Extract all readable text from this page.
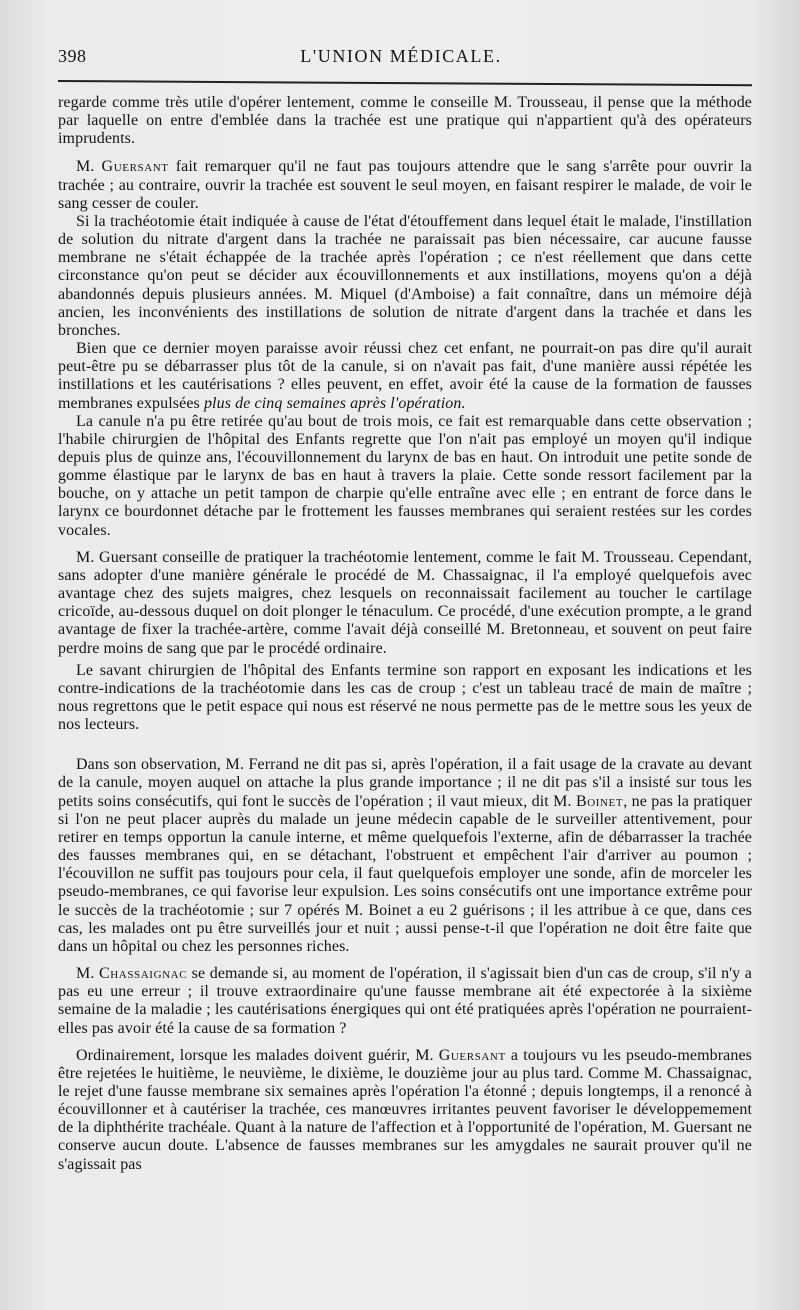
398	L'UNION MÉDICALE.

regarde comme très utile d'opérer lentement, comme le conseille M. Trousseau, il pense que la méthode par laquelle on entre d'emblée dans la trachée est une pratique qui n'appartient qu'à des opérateurs imprudents.

M. Guersant fait remarquer qu'il ne faut pas toujours attendre que le sang s'arrête pour ouvrir la trachée ; au contraire, ouvrir la trachée est souvent le seul moyen, en faisant respirer le malade, de voir le sang cesser de couler.

Si la trachéotomie était indiquée à cause de l'état d'étouffement dans lequel était le malade, l'instillation de solution du nitrate d'argent dans la trachée ne paraissait pas bien nécessaire, car aucune fausse membrane ne s'était échappée de la trachée après l'opération ; ce n'est réellement que dans cette circonstance qu'on peut se décider aux écouvillonnements et aux instillations, moyens qu'on a déjà abandonnés depuis plusieurs années. M. Miquel (d'Amboise) a fait connaître, dans un mémoire déjà ancien, les inconvénients des instillations de solution de nitrate d'argent dans la trachée et dans les bronches.

Bien que ce dernier moyen paraisse avoir réussi chez cet enfant, ne pourrait-on pas dire qu'il aurait peut-être pu se débarrasser plus tôt de la canule, si on n'avait pas fait, d'une manière aussi répétée les instillations et les cautérisations ? elles peuvent, en effet, avoir été la cause de la formation de fausses membranes expulsées plus de cinq semaines après l'opération.

La canule n'a pu être retirée qu'au bout de trois mois, ce fait est remarquable dans cette observation ; l'habile chirurgien de l'hôpital des Enfants regrette que l'on n'ait pas employé un moyen qu'il indique depuis plus de quinze ans, l'écouvillonnement du larynx de bas en haut. On introduit une petite sonde de gomme élastique par le larynx de bas en haut à travers la plaie. Cette sonde ressort facilement par la bouche, on y attache un petit tampon de charpie qu'elle entraîne avec elle ; en entrant de force dans le larynx ce bourdonnet détache par le frottement les fausses membranes qui seraient restées sur les cordes vocales.

M. Guersant conseille de pratiquer la trachéotomie lentement, comme le fait M. Trousseau. Cependant, sans adopter d'une manière générale le procédé de M. Chassaignac, il l'a employé quelquefois avec avantage chez des sujets maigres, chez lesquels on reconnaissait facilement au toucher le cartilage cricoïde, au-dessous duquel on doit plonger le ténaculum. Ce procédé, d'une exécution prompte, a le grand avantage de fixer la trachée-artère, comme l'avait déjà conseillé M. Bretonneau, et souvent on peut faire perdre moins de sang que par le procédé ordinaire.

Le savant chirurgien de l'hôpital des Enfants termine son rapport en exposant les indications et les contre-indications de la trachéotomie dans les cas de croup ; c'est un tableau tracé de main de maître ; nous regrettons que le petit espace qui nous est réservé ne nous permette pas de le mettre sous les yeux de nos lecteurs.

Dans son observation, M. Ferrand ne dit pas si, après l'opération, il a fait usage de la cravate au devant de la canule, moyen auquel on attache la plus grande importance ; il ne dit pas s'il a insisté sur tous les petits soins consécutifs, qui font le succès de l'opération ; il vaut mieux, dit M. Boinet, ne pas la pratiquer si l'on ne peut placer auprès du malade un jeune médecin capable de le surveiller attentivement, pour retirer en temps opportun la canule interne, et même quelquefois l'externe, afin de débarrasser la trachée des fausses membranes qui, en se détachant, l'obstruent et empêchent l'air d'arriver au poumon ; l'écouvillon ne suffit pas toujours pour cela, il faut quelquefois employer une sonde, afin de morceler les pseudo-membranes, ce qui favorise leur expulsion. Les soins consécutifs ont une importance extrême pour le succès de la trachéotomie ; sur 7 opérés M. Boinet a eu 2 guérisons ; il les attribue à ce que, dans ces cas, les malades ont pu être surveillés jour et nuit ; aussi pense-t-il que l'opération ne doit être faite que dans un hôpital ou chez les personnes riches.

M. Chassaignac se demande si, au moment de l'opération, il s'agissait bien d'un cas de croup, s'il n'y a pas eu une erreur ; il trouve extraordinaire qu'une fausse membrane ait été expectorée à la sixième semaine de la maladie ; les cautérisations énergiques qui ont été pratiquées après l'opération ne pourraient-elles pas avoir été la cause de sa formation ?

Ordinairement, lorsque les malades doivent guérir, M. Guersant a toujours vu les pseudo-membranes être rejetées le huitième, le neuvième, le dixième, le douzième jour au plus tard. Comme M. Chassaignac, le rejet d'une fausse membrane six semaines après l'opération l'a étonné ; depuis longtemps, il a renoncé à écouvillonner et à cautériser la trachée, ces manœuvres irritantes peuvent favoriser le développemement de la diphthérite trachéale. Quant à la nature de l'affection et à l'opportunité de l'opération, M. Guersant ne conserve aucun doute. L'absence de fausses membranes sur les amygdales ne saurait prouver qu'il ne s'agissait pas
